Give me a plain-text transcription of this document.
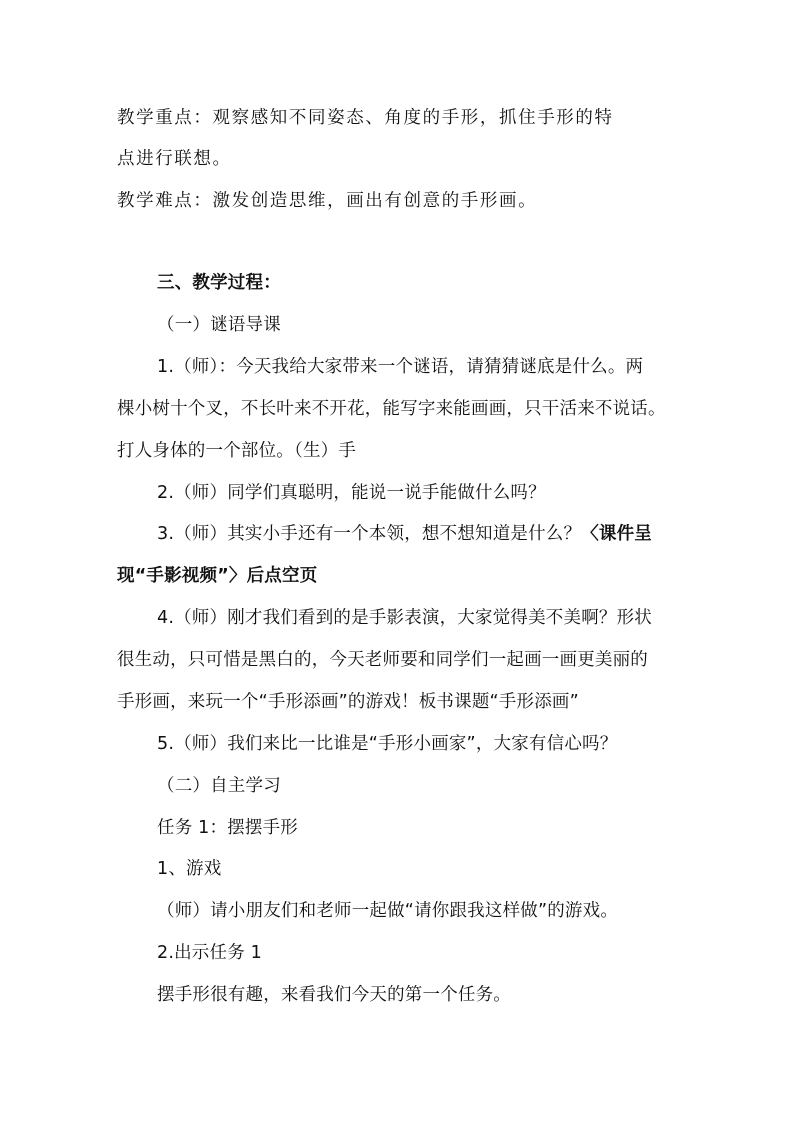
教学重点：观察感知不同姿态、角度的手形，抓住手形的特
点进行联想。
教学难点：激发创造思维，画出有创意的手形画。
三、教学过程：
（一）谜语导课
1.（师）：今天我给大家带来一个谜语，请猜猜谜底是什么。两
棵小树十个叉，不长叶来不开花，能写字来能画画，只干活来不说话。
打人身体的一个部位。（生）手
2.（师）同学们真聪明，能说一说手能做什么吗？
3.（师）其实小手还有一个本领，想不想知道是什么？〈课件呈
现“手影视频”〉后点空页
4.（师）刚才我们看到的是手影表演，大家觉得美不美啊？形状
很生动，只可惜是黑白的，今天老师要和同学们一起画一画更美丽的
手形画，来玩一个“手形添画”的游戏！板书课题“手形添画”
5.（师）我们来比一比谁是“手形小画家”，大家有信心吗？
（二）自主学习
任务 1：摆摆手形
1、游戏
（师）请小朋友们和老师一起做“请你跟我这样做”的游戏。
2.出示任务 1
摆手形很有趣，来看我们今天的第一个任务。
